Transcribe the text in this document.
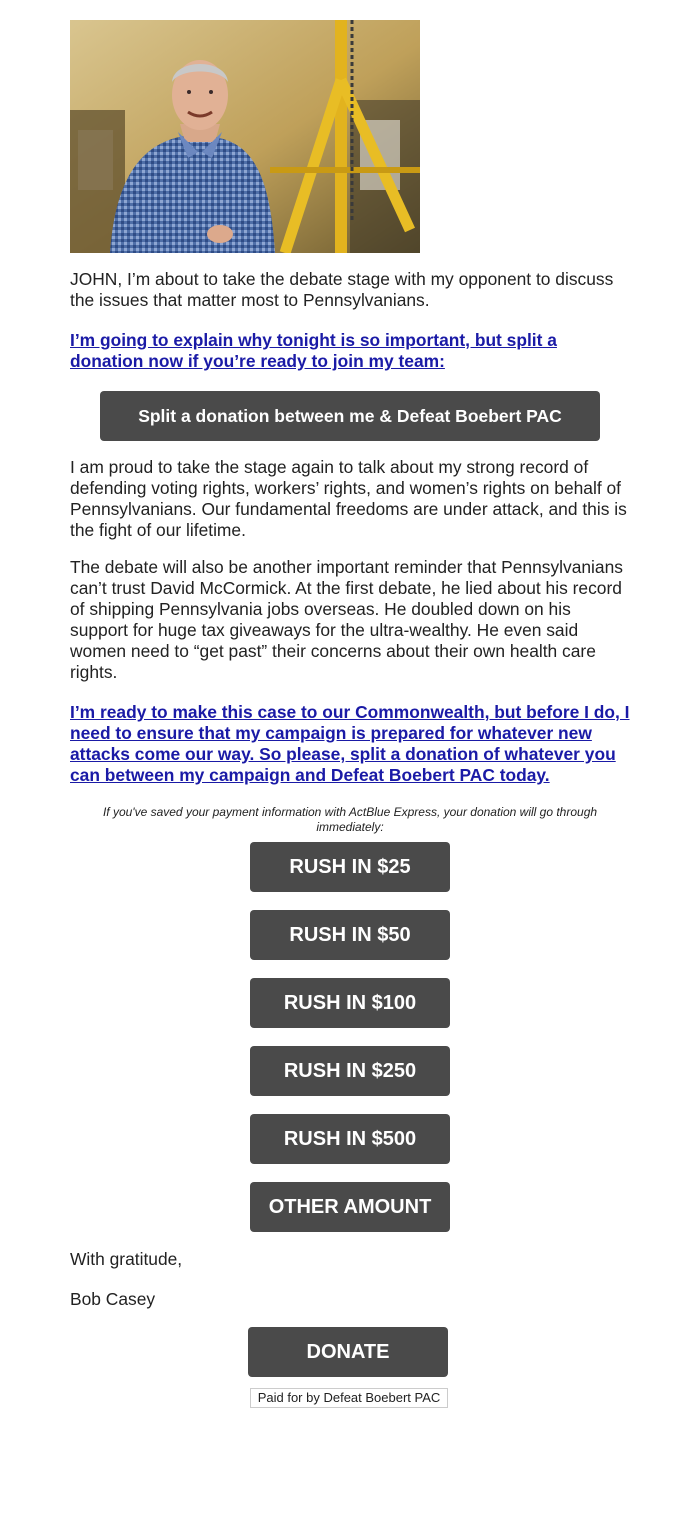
JOHN, I’m about to take the debate stage with my opponent to discuss the issues that matter most to Pennsylvanians.

I’m going to explain why tonight is so important, but split a donation now if you’re ready to join my team:
Split a donation between me & Defeat Boebert PAC

I am proud to take the stage again to talk about my strong record of defending voting rights, workers’ rights, and women’s rights on behalf of Pennsylvanians. Our fundamental freedoms are under attack, and this is the fight of our lifetime.

The debate will also be another important reminder that Pennsylvanians can’t trust David McCormick. At the first debate, he lied about his record of shipping Pennsylvania jobs overseas. He doubled down on his support for huge tax giveaways for the ultra-wealthy. He even said women need to “get past” their concerns about their own health care rights.

I’m ready to make this case to our Commonwealth, but before I do, I need to ensure that my campaign is prepared for whatever new attacks come our way. So please, split a donation of whatever you can between my campaign and Defeat Boebert PAC today.

If you've saved your payment information with ActBlue Express, your donation will go through immediately:

RUSH IN $25
RUSH IN $50
RUSH IN $100
RUSH IN $250
RUSH IN $500
OTHER AMOUNT

With gratitude,

Bob Casey

DONATE
Paid for by Defeat Boebert PAC
